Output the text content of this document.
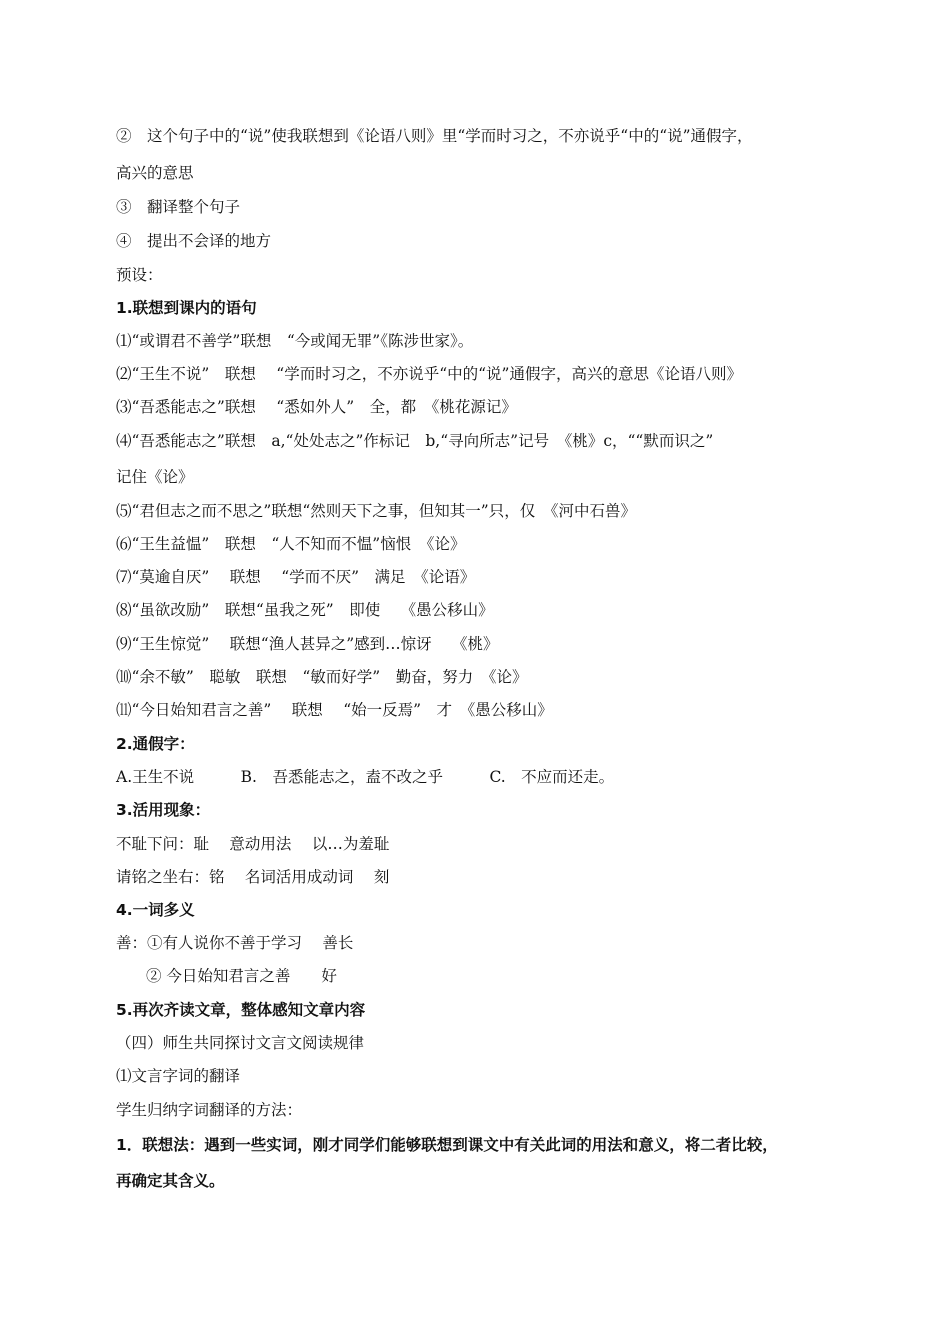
②　这个句子中的“说”使我联想到《论语八则》里“学而时习之，不亦说乎“中的“说”通假字，
高兴的意思
③　翻译整个句子
④　提出不会译的地方
预设：
1.联想到课内的语句
⑴“或谓君不善学”联想　“今或闻无罪”《陈涉世家》。
⑵“王生不说”　联想　 “学而时习之，不亦说乎“中的“说”通假字，高兴的意思《论语八则》
⑶“吾悉能志之”联想　 “悉如外人”　全，都　《桃花源记》
⑷“吾悉能志之”联想　a,“处处志之”作标记　b,“寻向所志”记号　《桃》c，““默而识之”
记住《论》
⑸“君但志之而不思之”联想“然则天下之事，但知其一”只，仅　《河中石兽》
⑹“王生益愠”　联想　“人不知而不愠”恼恨　《论》
⑺“莫逾自厌”　 联想　 “学而不厌”　满足　《论语》
⑻“虽欲改励”　联想“虽我之死”　即使　 《愚公移山》
⑼“王生惊觉”　 联想“渔人甚异之”感到…惊讶　 《桃》
⑽“余不敏”　聪敏　联想　“敏而好学”　勤奋，努力　《论》
⑾“今日始知君言之善”　 联想　 “始一反焉”　才　《愚公移山》
2.通假字：
A.王生不说　　　B.　吾悉能志之，盍不改之乎　　　C.　不应而还走。
3.活用现象：
不耻下问：耻　 意动用法　 以…为羞耻
请铭之坐右：铭　 名词活用成动词　 刻
4.一词多义
善：①有人说你不善于学习　 善长
② 今日始知君言之善　　好
5.再次齐读文章，整体感知文章内容
（四）师生共同探讨文言文阅读规律
⑴文言字词的翻译
学生归纳字词翻译的方法：
1．联想法：遇到一些实词，刚才同学们能够联想到课文中有关此词的用法和意义，将二者比较，
再确定其含义。
